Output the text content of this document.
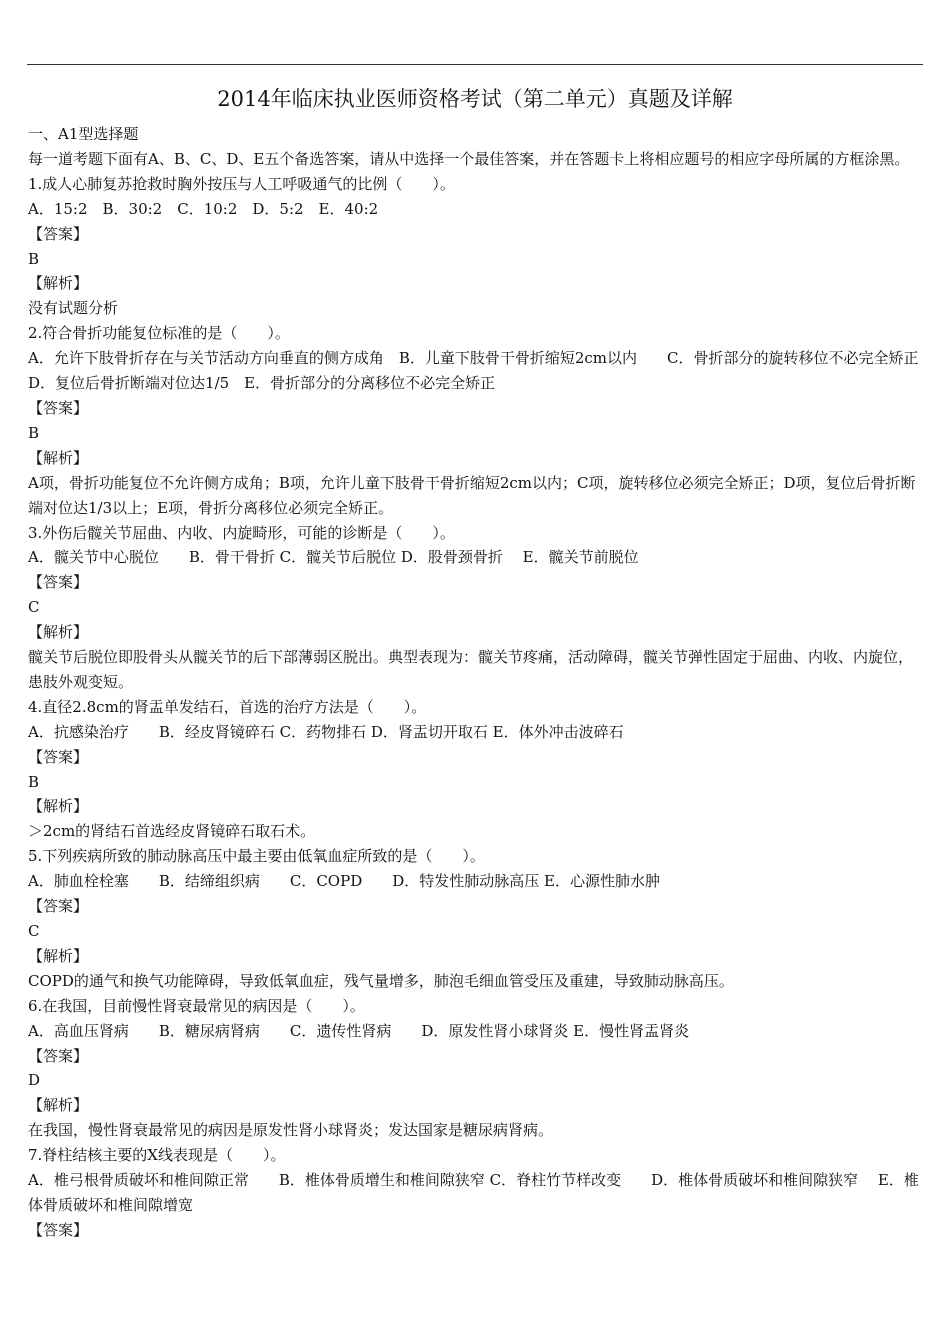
2014年临床执业医师资格考试（第二单元）真题及详解
一、A1型选择题
每一道考题下面有A、B、C、D、E五个备选答案，请从中选择一个最佳答案，并在答题卡上将相应题号的相应字母所属的方框涂黑。
1.成人心肺复苏抢救时胸外按压与人工呼吸通气的比例（　　）。
A．15:2　B．30:2　C．10:2　D．5:2　E．40:2
【答案】
B
【解析】
没有试题分析
2.符合骨折功能复位标准的是（　　）。
A．允许下肢骨折存在与关节活动方向垂直的侧方成角　B．儿童下肢骨干骨折缩短2cm以内　　C．骨折部分的旋转移位不必完全矫正　　D．复位后骨折断端对位达1/5　E．骨折部分的分离移位不必完全矫正
【答案】
B
【解析】
A项，骨折功能复位不允许侧方成角；B项，允许儿童下肢骨干骨折缩短2cm以内；C项，旋转移位必须完全矫正；D项，复位后骨折断端对位达1/3以上；E项，骨折分离移位必须完全矫正。
3.外伤后髋关节屈曲、内收、内旋畸形，可能的诊断是（　　）。
A．髋关节中心脱位　　B．骨干骨折 C．髋关节后脱位 D．股骨颈骨折　 E．髋关节前脱位
【答案】
C
【解析】
髋关节后脱位即股骨头从髋关节的后下部薄弱区脱出。典型表现为：髋关节疼痛，活动障碍，髋关节弹性固定于屈曲、内收、内旋位，患肢外观变短。
4.直径2.8cm的肾盂单发结石，首选的治疗方法是（　　）。
A．抗感染治疗　　B．经皮肾镜碎石 C．药物排石 D．肾盂切开取石 E．体外冲击波碎石
【答案】
B
【解析】
＞2cm的肾结石首选经皮肾镜碎石取石术。
5.下列疾病所致的肺动脉高压中最主要由低氧血症所致的是（　　）。
A．肺血栓栓塞　　B．结缔组织病　　C．COPD　　D．特发性肺动脉高压 E．心源性肺水肿
【答案】
C
【解析】
COPD的通气和换气功能障碍，导致低氧血症，残气量增多，肺泡毛细血管受压及重建，导致肺动脉高压。
6.在我国，目前慢性肾衰最常见的病因是（　　）。
A．高血压肾病　　B．糖尿病肾病　　C．遗传性肾病　　D．原发性肾小球肾炎 E．慢性肾盂肾炎
【答案】
D
【解析】
在我国，慢性肾衰最常见的病因是原发性肾小球肾炎；发达国家是糖尿病肾病。
7.脊柱结核主要的X线表现是（　　）。
A．椎弓根骨质破坏和椎间隙正常　　B．椎体骨质增生和椎间隙狭窄 C．脊柱竹节样改变　　D．椎体骨质破坏和椎间隙狭窄　 E．椎体骨质破坏和椎间隙增宽
【答案】
